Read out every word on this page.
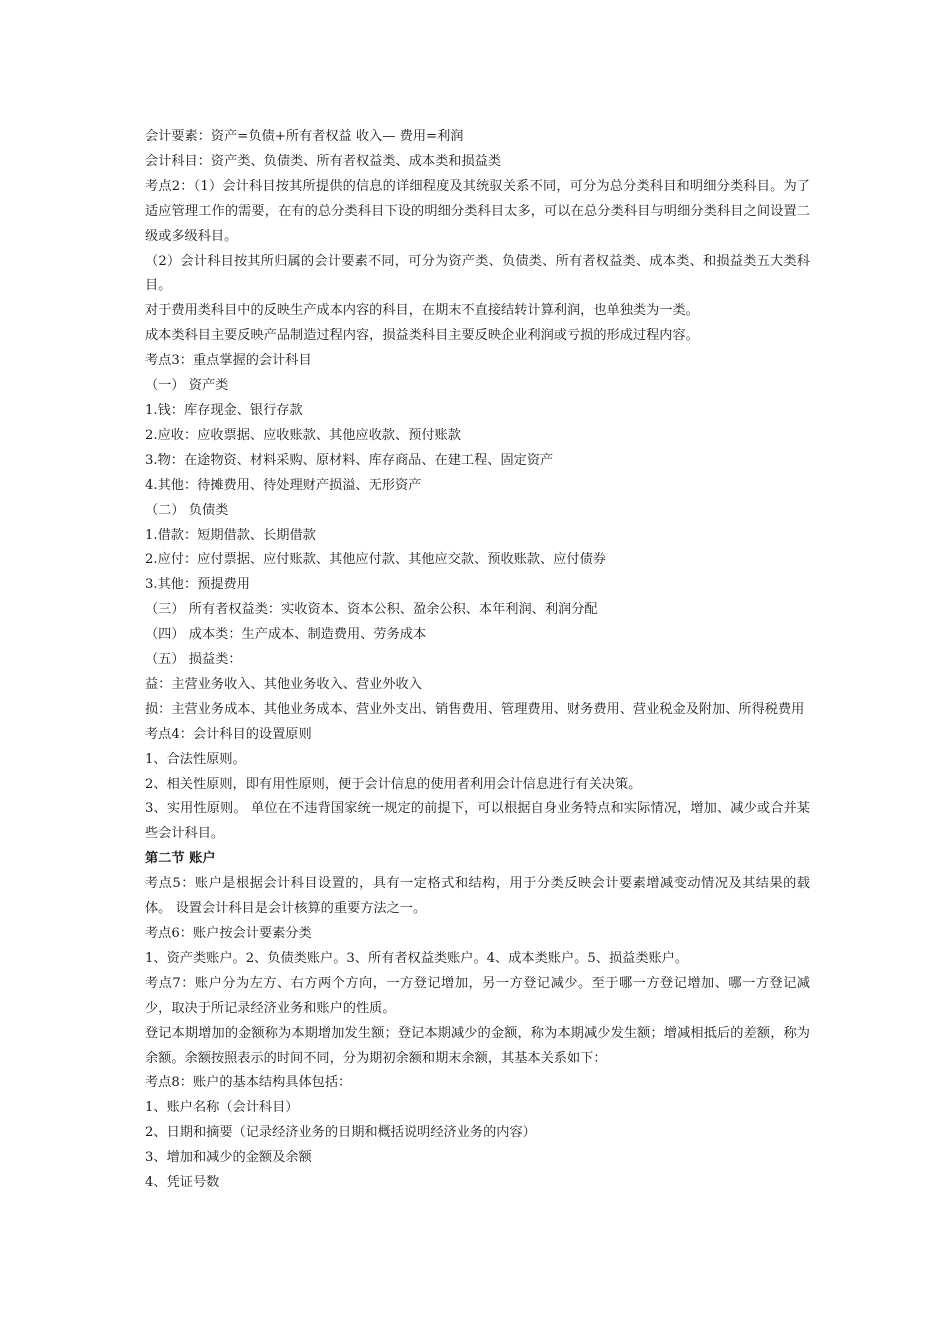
会计要素：资产=负债+所有者权益 收入— 费用=利润

会计科目：资产类、负债类、所有者权益类、成本类和损益类

考点2：（1）会计科目按其所提供的信息的详细程度及其统驭关系不同，可分为总分类科目和明细分类科目。为了适应管理工作的需要，在有的总分类科目下设的明细分类科目太多，可以在总分类科目与明细分类科目之间设置二级或多级科目。

（2）会计科目按其所归属的会计要素不同，可分为资产类、负债类、所有者权益类、成本类、和损益类五大类科目。

对于费用类科目中的反映生产成本内容的科目，在期末不直接结转计算利润，也单独类为一类。

成本类科目主要反映产品制造过程内容，损益类科目主要反映企业利润或亏损的形成过程内容。

考点3：重点掌握的会计科目

（一） 资产类

1.钱：库存现金、银行存款

2.应收：应收票据、应收账款、其他应收款、预付账款

3.物：在途物资、材料采购、原材料、库存商品、在建工程、固定资产

4.其他：待摊费用、待处理财产损溢、无形资产

（二） 负债类

1.借款：短期借款、长期借款

2.应付：应付票据、应付账款、其他应付款、其他应交款、预收账款、应付债券

3.其他：预提费用

（三） 所有者权益类：实收资本、资本公积、盈余公积、本年利润、利润分配

（四） 成本类：生产成本、制造费用、劳务成本

（五） 损益类：

益：主营业务收入、其他业务收入、营业外收入

损：主营业务成本、其他业务成本、营业外支出、销售费用、管理费用、财务费用、营业税金及附加、所得税费用

考点4：会计科目的设置原则

1、合法性原则。

2、相关性原则，即有用性原则，便于会计信息的使用者利用会计信息进行有关决策。

3、实用性原则。 单位在不违背国家统一规定的前提下，可以根据自身业务特点和实际情况，增加、减少或合并某些会计科目。

第二节 账户

考点5：账户是根据会计科目设置的，具有一定格式和结构，用于分类反映会计要素增减变动情况及其结果的载体。 设置会计科目是会计核算的重要方法之一。

考点6：账户按会计要素分类

1、资产类账户。2、负债类账户。3、所有者权益类账户。4、成本类账户。5、损益类账户。

考点7：账户分为左方、右方两个方向，一方登记增加，另一方登记减少。至于哪一方登记增加、哪一方登记减少，取决于所记录经济业务和账户的性质。

登记本期增加的金额称为本期增加发生额；登记本期减少的金额，称为本期减少发生额；增减相抵后的差额，称为余额。余额按照表示的时间不同，分为期初余额和期末余额，其基本关系如下：

考点8：账户的基本结构具体包括：

1、账户名称（会计科目）

2、日期和摘要（记录经济业务的日期和概括说明经济业务的内容）

3、增加和减少的金额及余额

4、凭证号数
